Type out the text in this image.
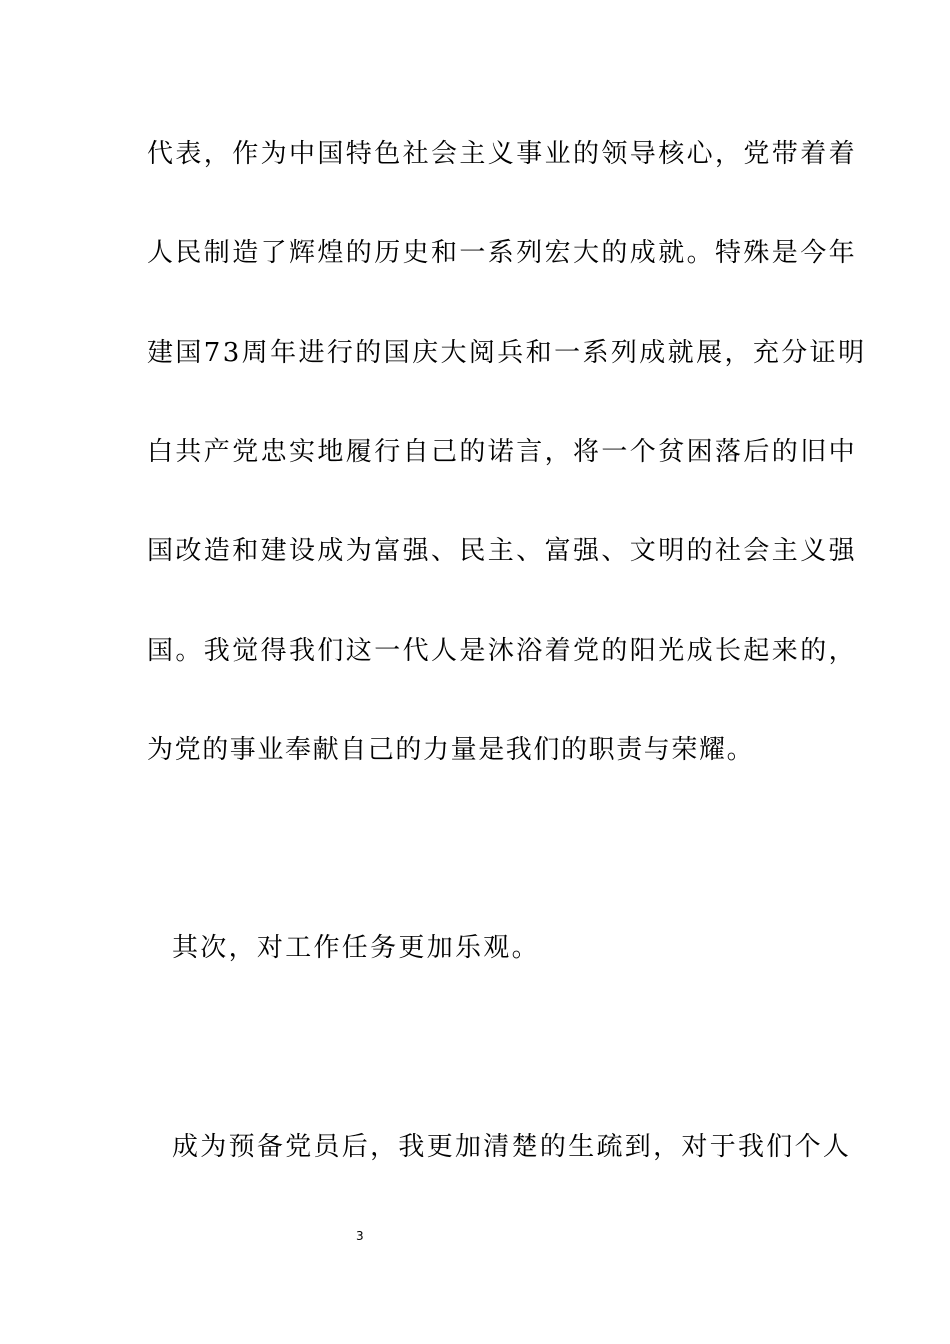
代表，作为中国特色社会主义事业的领导核心，党带着着
人民制造了辉煌的历史和一系列宏大的成就。特殊是今年
建国73周年进行的国庆大阅兵和一系列成就展，充分证明
白共产党忠实地履行自己的诺言，将一个贫困落后的旧中
国改造和建设成为富强、民主、富强、文明的社会主义强
国。我觉得我们这一代人是沐浴着党的阳光成长起来的，
为党的事业奉献自己的力量是我们的职责与荣耀。
其次，对工作任务更加乐观。
成为预备党员后，我更加清楚的生疏到，对于我们个人
3
